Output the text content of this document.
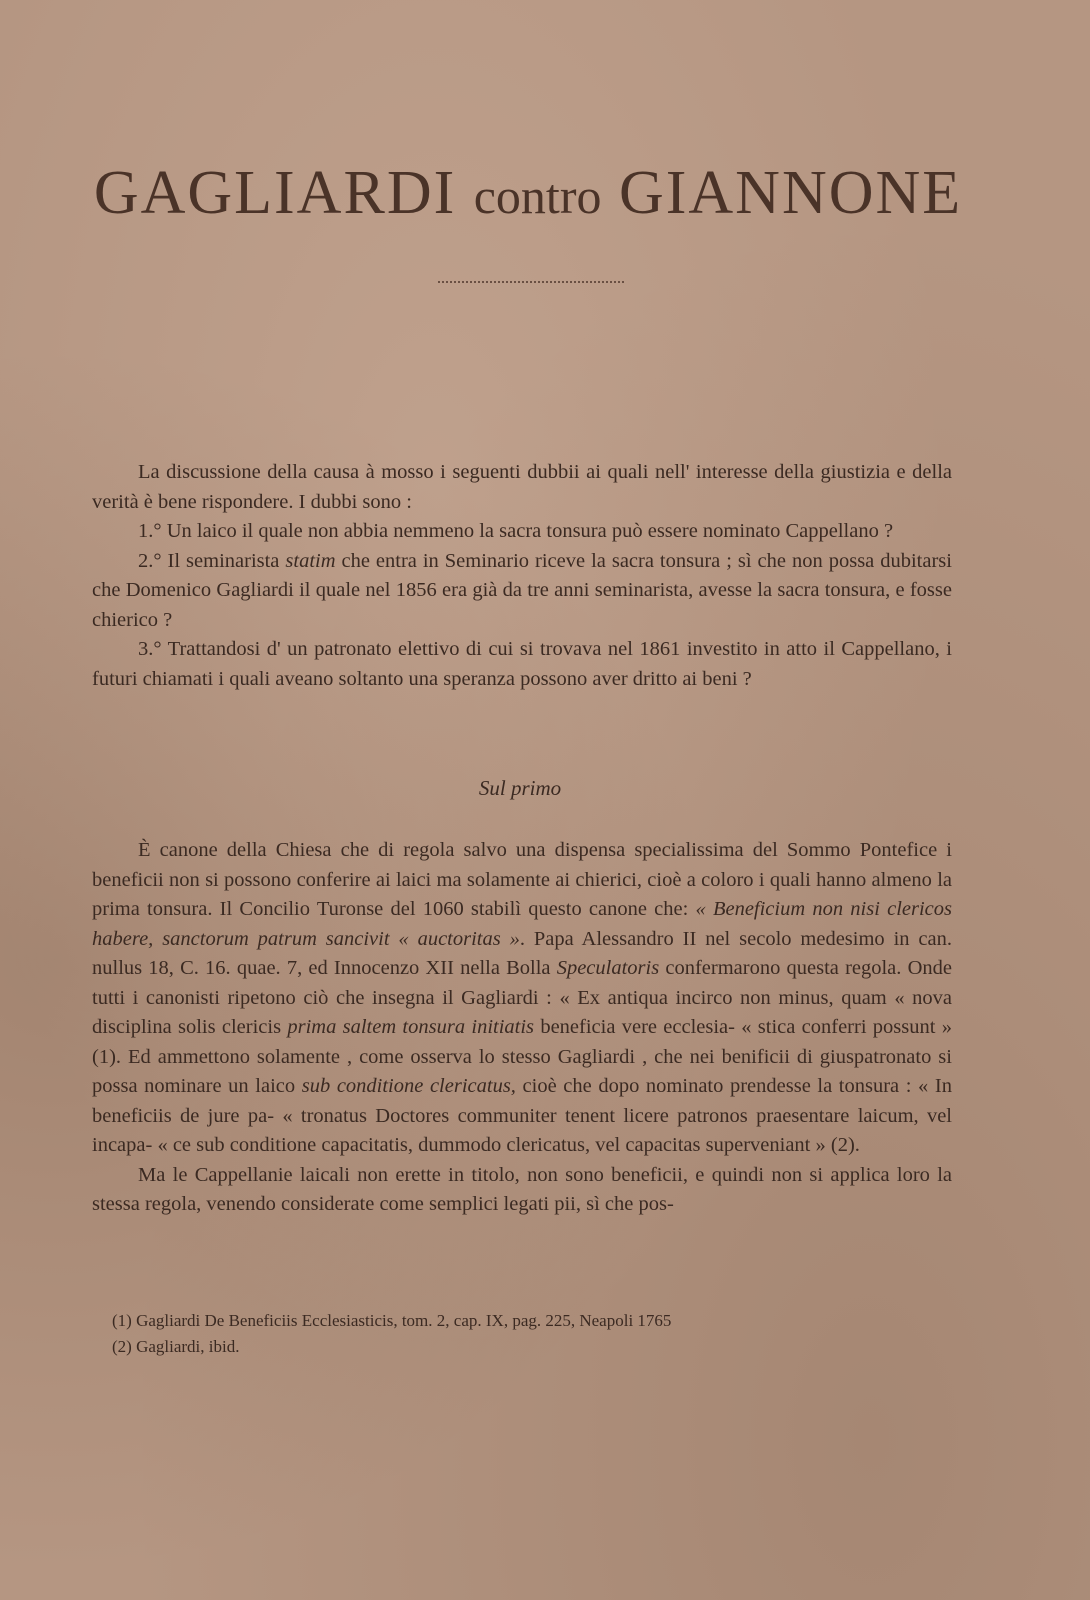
GAGLIARDI contro GIANNONE

La discussione della causa à mosso i seguenti dubbii ai quali nell' interesse della giustizia e della verità è bene rispondere. I dubbi sono :

1.° Un laico il quale non abbia nemmeno la sacra tonsura può essere nominato Cappellano ?

2.° Il seminarista statim che entra in Seminario riceve la sacra tonsura ; sì che non possa dubitarsi che Domenico Gagliardi il quale nel 1856 era già da tre anni seminarista, avesse la sacra tonsura, e fosse chierico ?

3.° Trattandosi d' un patronato elettivo di cui si trovava nel 1861 investito in atto il Cappellano, i futuri chiamati i quali aveano soltanto una speranza possono aver dritto ai beni ?

Sul primo

È canone della Chiesa che di regola salvo una dispensa specialissima del Sommo Pontefice i beneficii non si possono conferire ai laici ma solamente ai chierici, cioè a coloro i quali hanno almeno la prima tonsura. Il Concilio Turonse del 1060 stabilì questo canone che: « Beneficium non nisi clericos habere, sanctorum patrum sancivit « auctoritas ». Papa Alessandro II nel secolo medesimo in can. nullus 18, C. 16. quae. 7, ed Innocenzo XII nella Bolla Speculatoris confermarono questa regola. Onde tutti i canonisti ripetono ciò che insegna il Gagliardi : « Ex antiqua incirco non minus, quam « nova disciplina solis clericis prima saltem tonsura initiatis beneficia vere ecclesia- « stica conferri possunt » (1). Ed ammettono solamente , come osserva lo stesso Gagliardi , che nei benificii di giuspatronato si possa nominare un laico sub conditione clericatus, cioè che dopo nominato prendesse la tonsura : « In beneficiis de jure pa- « tronatus Doctores communiter tenent licere patronos praesentare laicum, vel incapa- « ce sub conditione capacitatis, dummodo clericatus, vel capacitas superveniant » (2).

Ma le Cappellanie laicali non erette in titolo, non sono beneficii, e quindi non si applica loro la stessa regola, venendo considerate come semplici legati pii, sì che pos-

(1) Gagliardi De Beneficiis Ecclesiasticis, tom. 2, cap. IX, pag. 225, Neapoli 1765
(2) Gagliardi, ibid.
